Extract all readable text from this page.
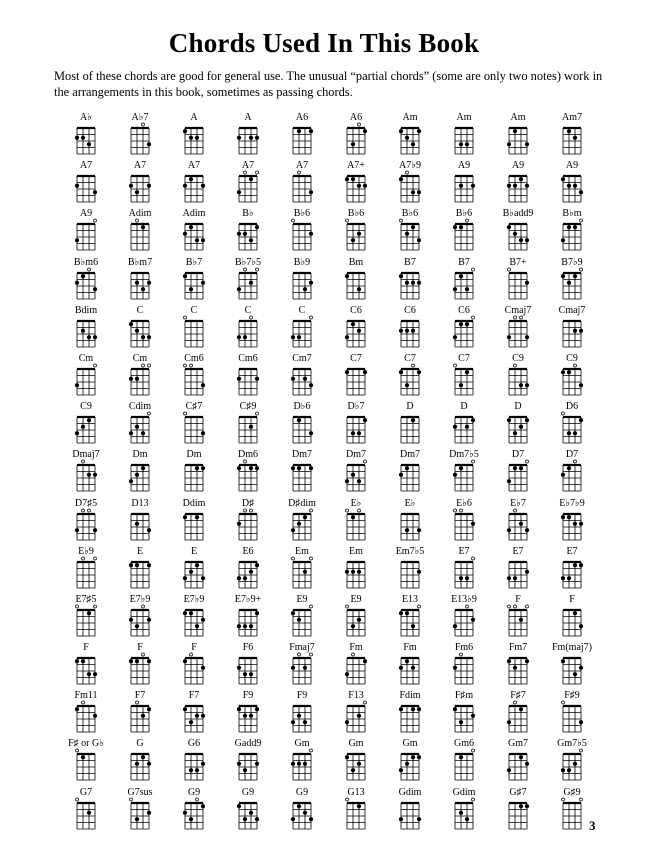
Chords Used In This Book
Most of these chords are good for general use. The unusual “partial chords” (some are only two notes) work in the arrangements in this book, sometimes as passing chords.
A♭	A♭7	A	A	A6	A6	Am	Am	Am	Am7
A7	A7	A7	A7	A7	A7+	A7♭9	A9	A9	A9
A9	Adim	Adim	B♭	B♭6	B♭6	B♭6	B♭6	B♭add9	B♭m
B♭m6	B♭m7	B♭7	B♭7♭5	B♭9	Bm	B7	B7	B7+	B7♭9
Bdim	C	C	C	C	C6	C6	C6	Cmaj7	Cmaj7
Cm	Cm	Cm6	Cm6	Cm7	C7	C7	C7	C9	C9
C9	Cdim	C♯7	C♯9	D♭6	D♭7	D	D	D	D6
Dmaj7	Dm	Dm	Dm6	Dm7	Dm7	Dm7	Dm7♭5	D7	D7
D7♯5	D13	Ddim	D♯	D♯dim	E♭	E♭	E♭6	E♭7	E♭7♭9
E♭9	E	E	E6	Em	Em	Em7♭5	E7	E7	E7
E7♯5	E7♭9	E7♭9	E7♭9+	E9	E9	E13	E13♭9	F	F
F	F	F	F6	Fmaj7	Fm	Fm	Fm6	Fm7	Fm(maj7)
Fm11	F7	F7	F9	F9	F13	Fdim	F♯m	F♯7	F♯9
F♯ or G♭	G	G6	Gadd9	Gm	Gm	Gm	Gm6	Gm7	Gm7♭5
G7	G7sus	G9	G9	G9	G13	Gdim	Gdim	G♯7	G♯9
3
